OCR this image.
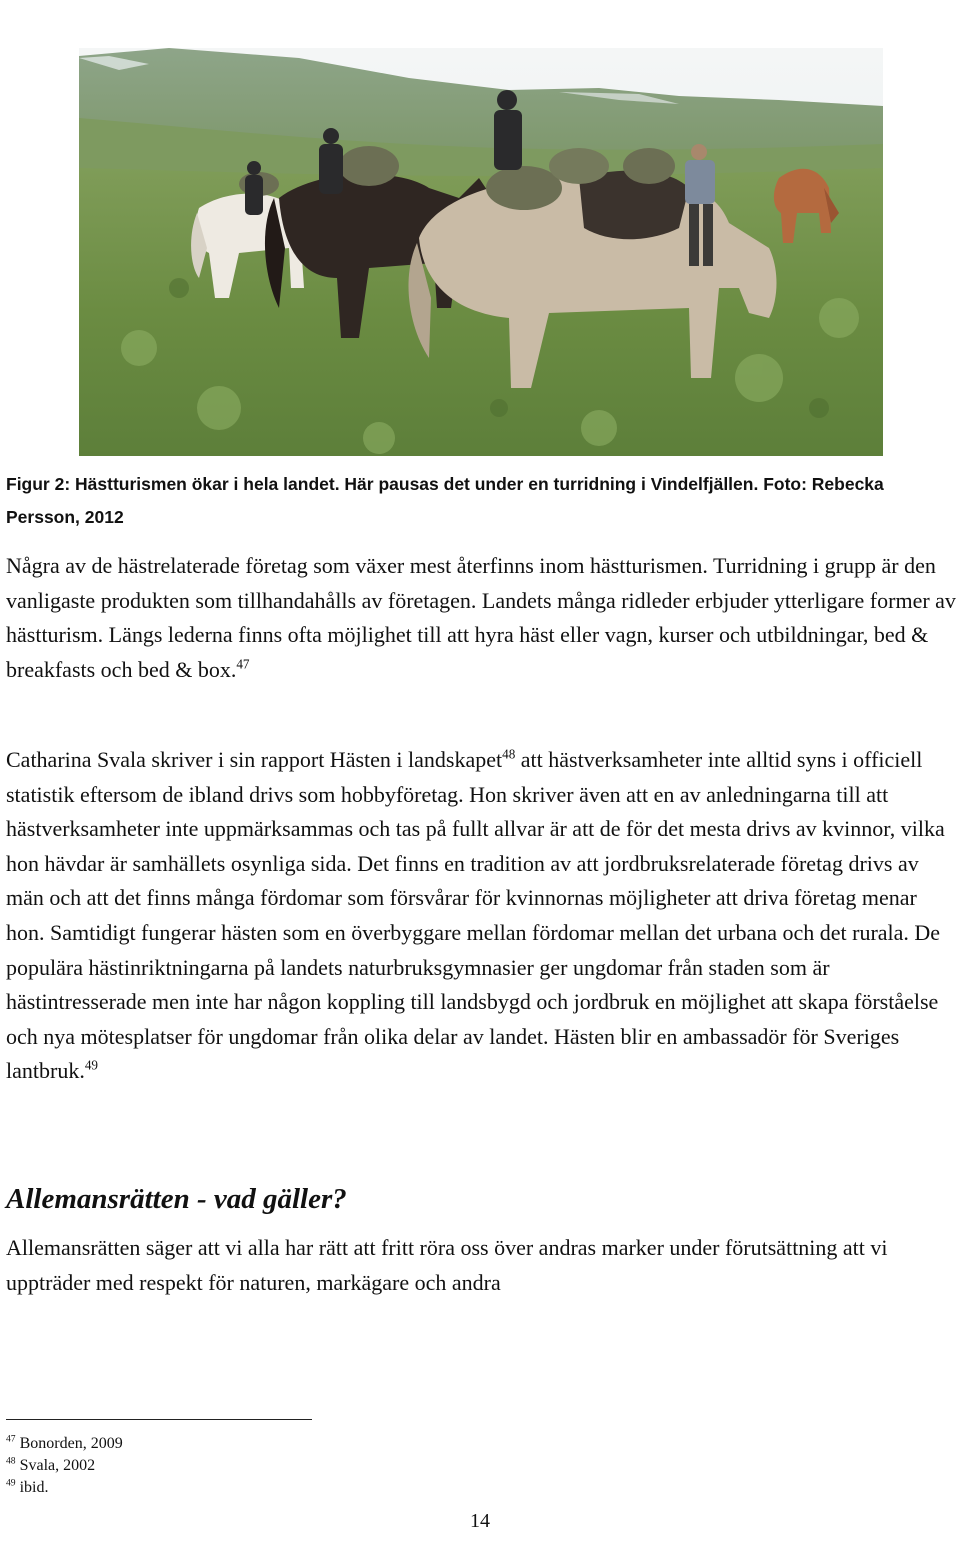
Figur 2: Hästturismen ökar i hela landet. Här pausas det under en turridning i Vindelfjällen. Foto: Rebecka Persson, 2012

Några av de hästrelaterade företag som växer mest återfinns inom hästturismen. Turridning i grupp är den vanligaste produkten som tillhandahålls av företagen. Landets många ridleder erbjuder ytterligare former av hästturism. Längs lederna finns ofta möjlighet till att hyra häst eller vagn, kurser och utbildningar, bed & breakfasts och bed & box.$^{47}$

Catharina Svala skriver i sin rapport Hästen i landskapet$^{48}$ att hästverksamheter inte alltid syns i officiell statistik eftersom de ibland drivs som hobbyföretag. Hon skriver även att en av anledningarna till att hästverksamheter inte uppmärksammas och tas på fullt allvar är att de för det mesta drivs av kvinnor, vilka hon hävdar är samhällets osynliga sida. Det finns en tradition av att jordbruksrelaterade företag drivs av män och att det finns många fördomar som försvårar för kvinnornas möjligheter att driva företag menar hon. Samtidigt fungerar hästen som en överbyggare mellan fördomar mellan det urbana och det rurala. De populära hästinriktningarna på landets naturbruksgymnasier ger ungdomar från staden som är hästintresserade men inte har någon koppling till landsbygd och jordbruk en möjlighet att skapa förståelse och nya mötesplatser för ungdomar från olika delar av landet. Hästen blir en ambassadör för Sveriges lantbruk.$^{49}$

Allemansrätten - vad gäller?

Allemansrätten säger att vi alla har rätt att fritt röra oss över andras marker under förutsättning att vi uppträder med respekt för naturen, markägare och andra

$^{47}$ Bonorden, 2009
$^{48}$ Svala, 2002
$^{49}$ ibid.
14
